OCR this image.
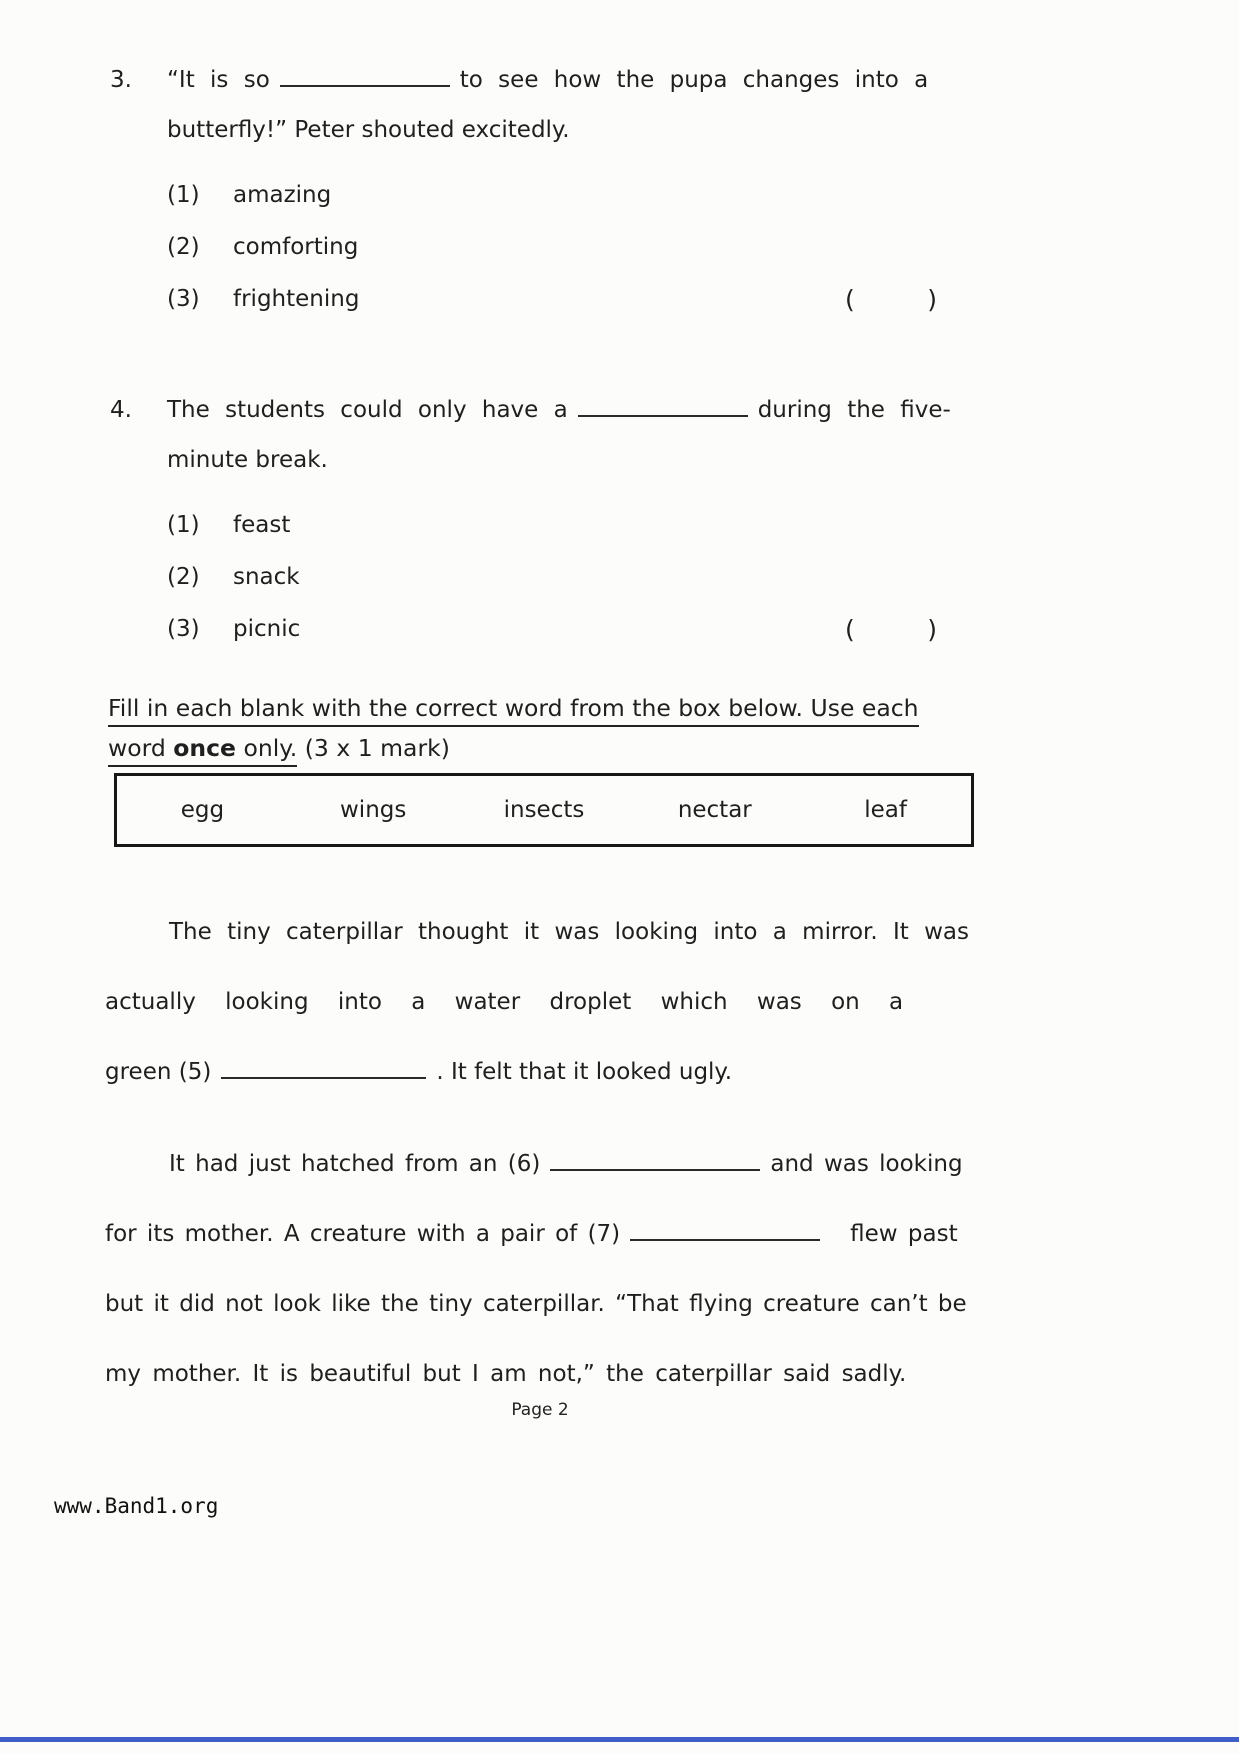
3.	“It is so	to see how the pupa changes into a
butterfly!” Peter shouted excitedly.
(1)	amazing
(2)	comforting
(3)	frightening	(	)
4.	The students could only have a	during the five-
minute break.
(1)	feast
(2)	snack
(3)	picnic	(	)
Fill in each blank with the correct word from the box below. Use each
word once only. (3 x 1 mark)
egg	wings	insects	nectar	leaf
The tiny caterpillar thought it was looking into a mirror. It was
actually looking into a water droplet which was on a
green (5)	. It felt that it looked ugly.
It had just hatched from an (6)	and was looking
for its mother. A creature with a pair of (7)	flew past
but it did not look like the tiny caterpillar. “That flying creature can’t be
my mother. It is beautiful but I am not,” the caterpillar said sadly.
Page 2
www.Band1.org
